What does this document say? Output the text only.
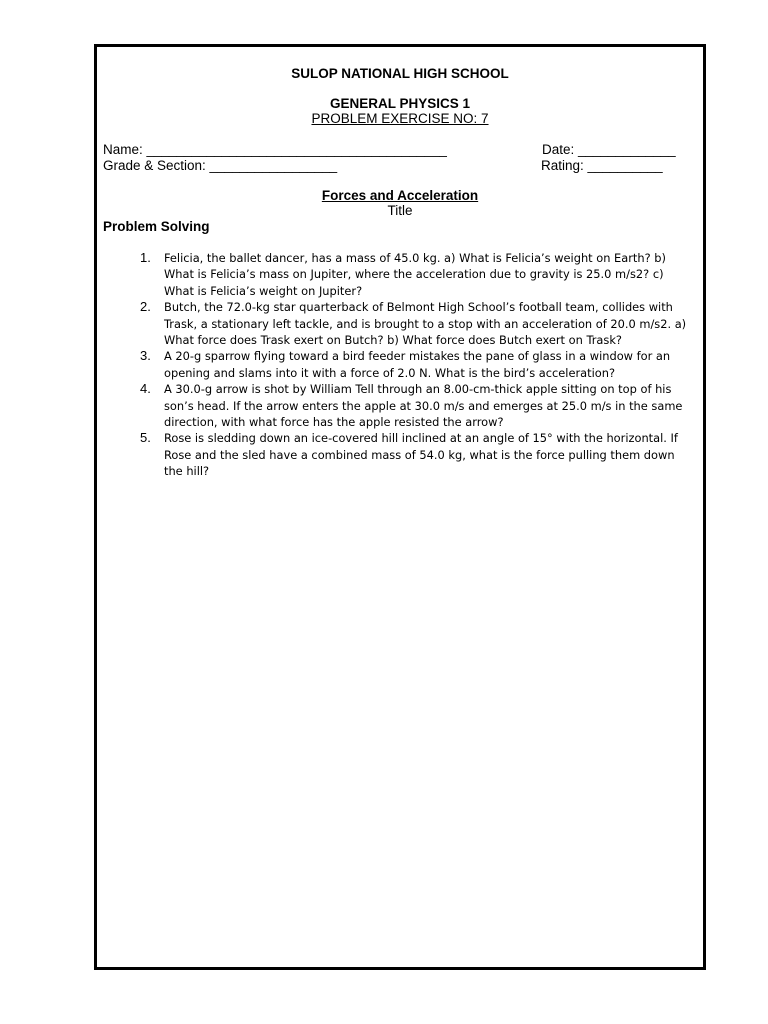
SULOP NATIONAL HIGH SCHOOL
GENERAL PHYSICS 1
PROBLEM EXERCISE NO: 7
Name: ________________________________________	Date: _____________
Grade & Section: _________________	Rating: __________
Forces and Acceleration
Title
Problem Solving
1. Felicia, the ballet dancer, has a mass of 45.0 kg. a) What is Felicia’s weight on Earth? b) What is Felicia’s mass on Jupiter, where the acceleration due to gravity is 25.0 m/s2? c) What is Felicia’s weight on Jupiter?
2. Butch, the 72.0-kg star quarterback of Belmont High School’s football team, collides with Trask, a stationary left tackle, and is brought to a stop with an acceleration of 20.0 m/s2. a) What force does Trask exert on Butch? b) What force does Butch exert on Trask?
3. A 20-g sparrow flying toward a bird feeder mistakes the pane of glass in a window for an opening and slams into it with a force of 2.0 N. What is the bird’s acceleration?
4. A 30.0-g arrow is shot by William Tell through an 8.00-cm-thick apple sitting on top of his son’s head. If the arrow enters the apple at 30.0 m/s and emerges at 25.0 m/s in the same direction, with what force has the apple resisted the arrow?
5. Rose is sledding down an ice-covered hill inclined at an angle of 15° with the horizontal. If Rose and the sled have a combined mass of 54.0 kg, what is the force pulling them down the hill?
